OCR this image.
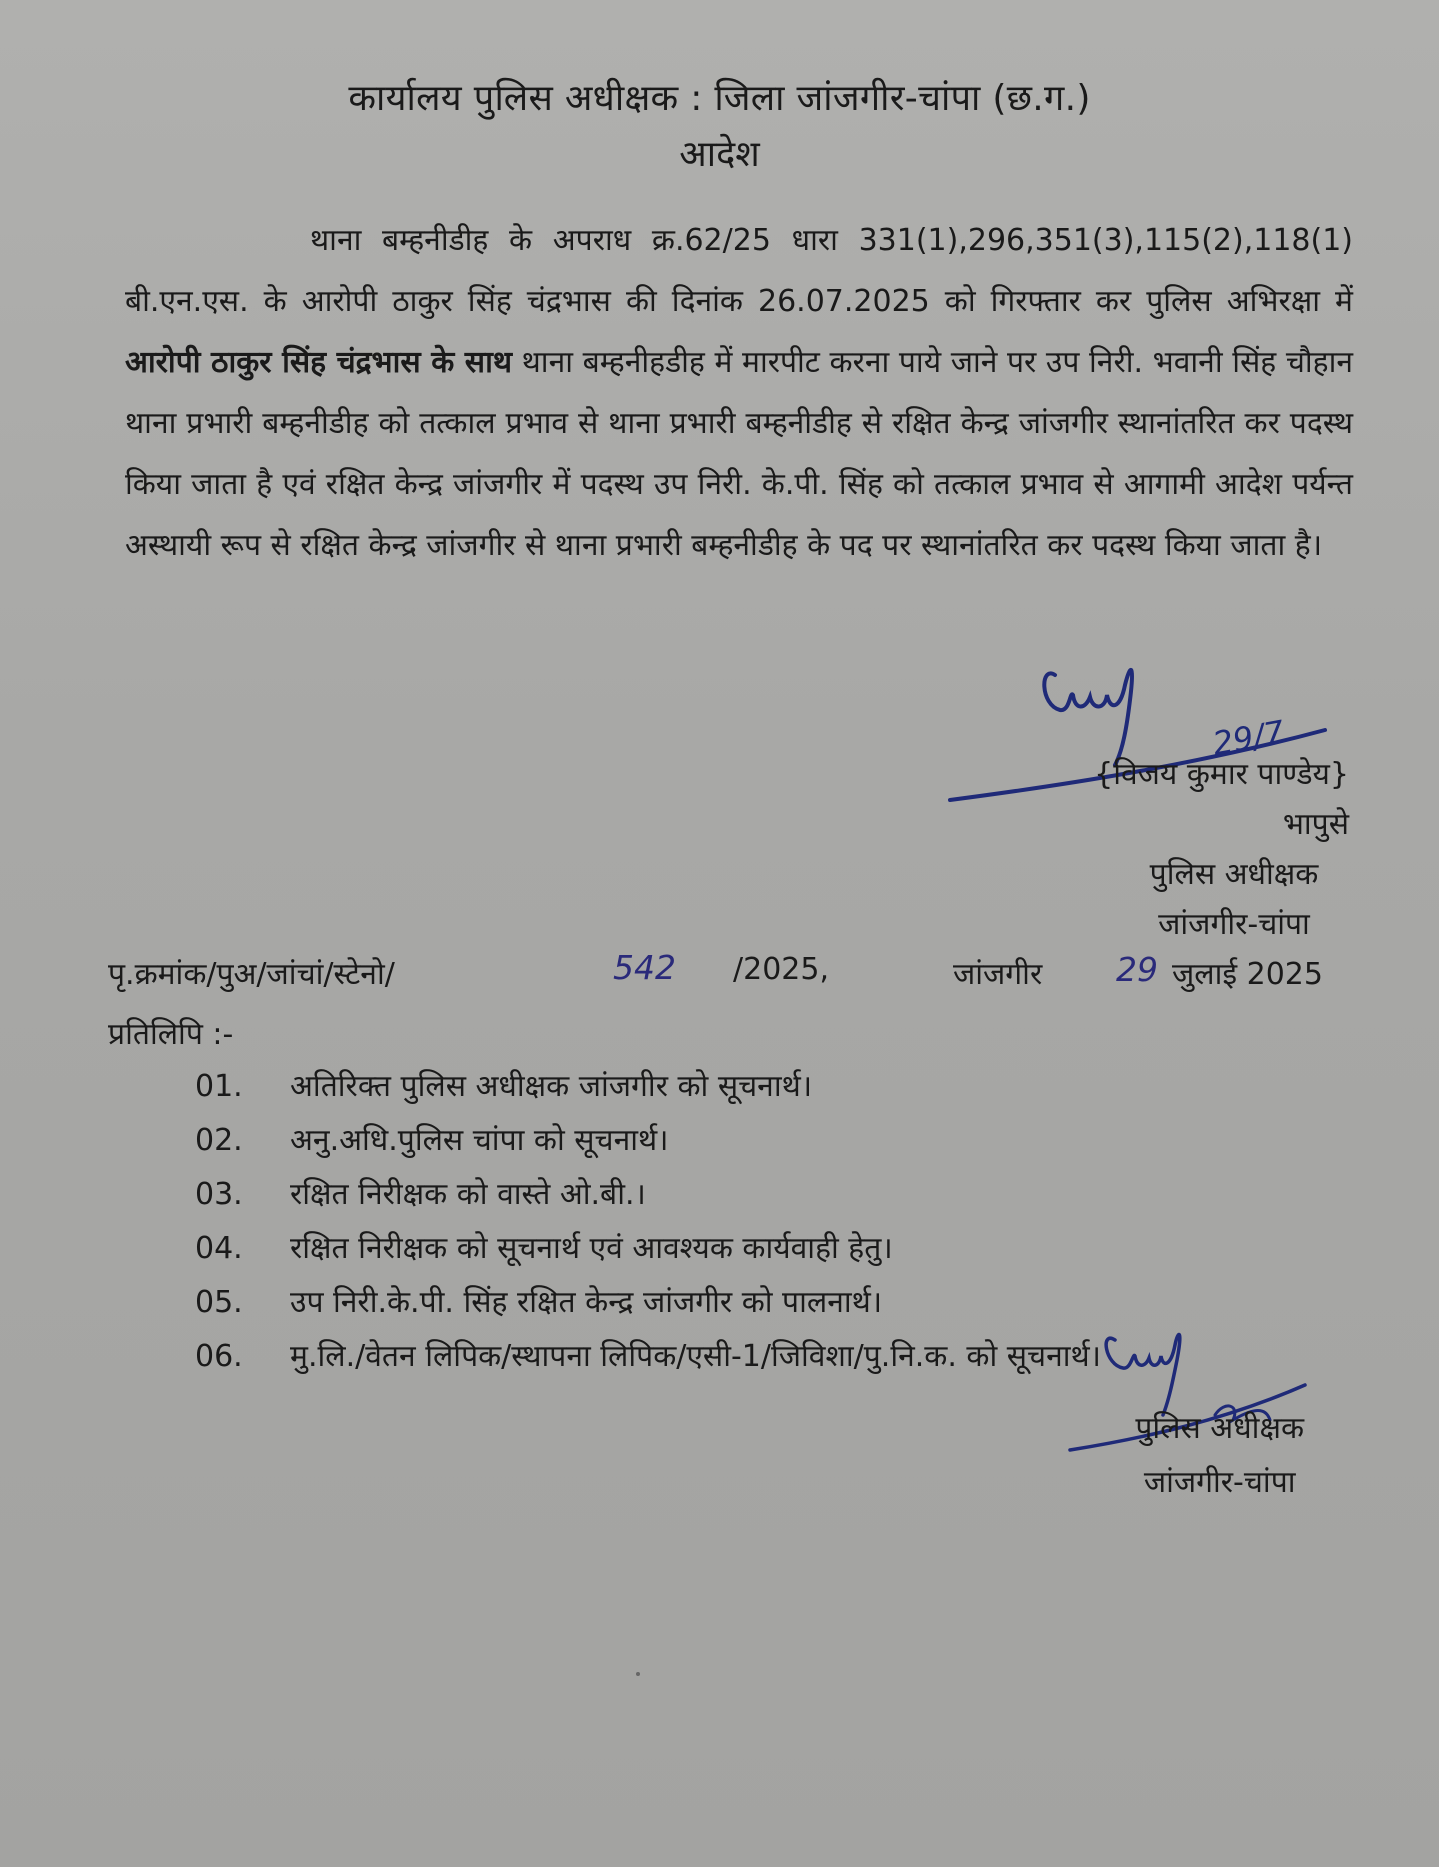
कार्यालय पुलिस अधीक्षक : जिला जांजगीर-चांपा (छ.ग.)
आदेश
थाना बम्हनीडीह के अपराध क्र.62/25 धारा 331(1),296,351(3),115(2),118(1) बी.एन.एस. के आरोपी ठाकुर सिंह चंद्रभास की दिनांक 26.07.2025 को गिरफ्तार कर पुलिस अभिरक्षा में आरोपी ठाकुर सिंह चंद्रभास के साथ थाना बम्हनीहडीह में मारपीट करना पाये जाने पर उप निरी. भवानी सिंह चौहान थाना प्रभारी बम्हनीडीह को तत्काल प्रभाव से थाना प्रभारी बम्हनीडीह से रक्षित केन्द्र जांजगीर स्थानांतरित कर पदस्थ किया जाता है एवं रक्षित केन्द्र जांजगीर में पदस्थ उप निरी. के.पी. सिंह को तत्काल प्रभाव से आगामी आदेश पर्यन्त अस्थायी रूप से रक्षित केन्द्र जांजगीर से थाना प्रभारी बम्हनीडीह के पद पर स्थानांतरित कर पदस्थ किया जाता है।
29/7
{विजय कुमार पाण्डेय}
भापुसे
पुलिस अधीक्षक
जांजगीर-चांपा
पृ.क्रमांक/पुअ/जांचां/स्टेनो/	542 /2025,	जांजगीर 29 जुलाई 2025
प्रतिलिपि :-
01. अतिरिक्त पुलिस अधीक्षक जांजगीर को सूचनार्थ।
02. अनु.अधि.पुलिस चांपा को सूचनार्थ।
03. रक्षित निरीक्षक को वास्ते ओ.बी.।
04. रक्षित निरीक्षक को सूचनार्थ एवं आवश्यक कार्यवाही हेतु।
05. उप निरी.के.पी. सिंह रक्षित केन्द्र जांजगीर को पालनार्थ।
06. मु.लि./वेतन लिपिक/स्थापना लिपिक/एसी-1/जिविशा/पु.नि.क. को सूचनार्थ।
पुलिस अधीक्षक
जांजगीर-चांपा
